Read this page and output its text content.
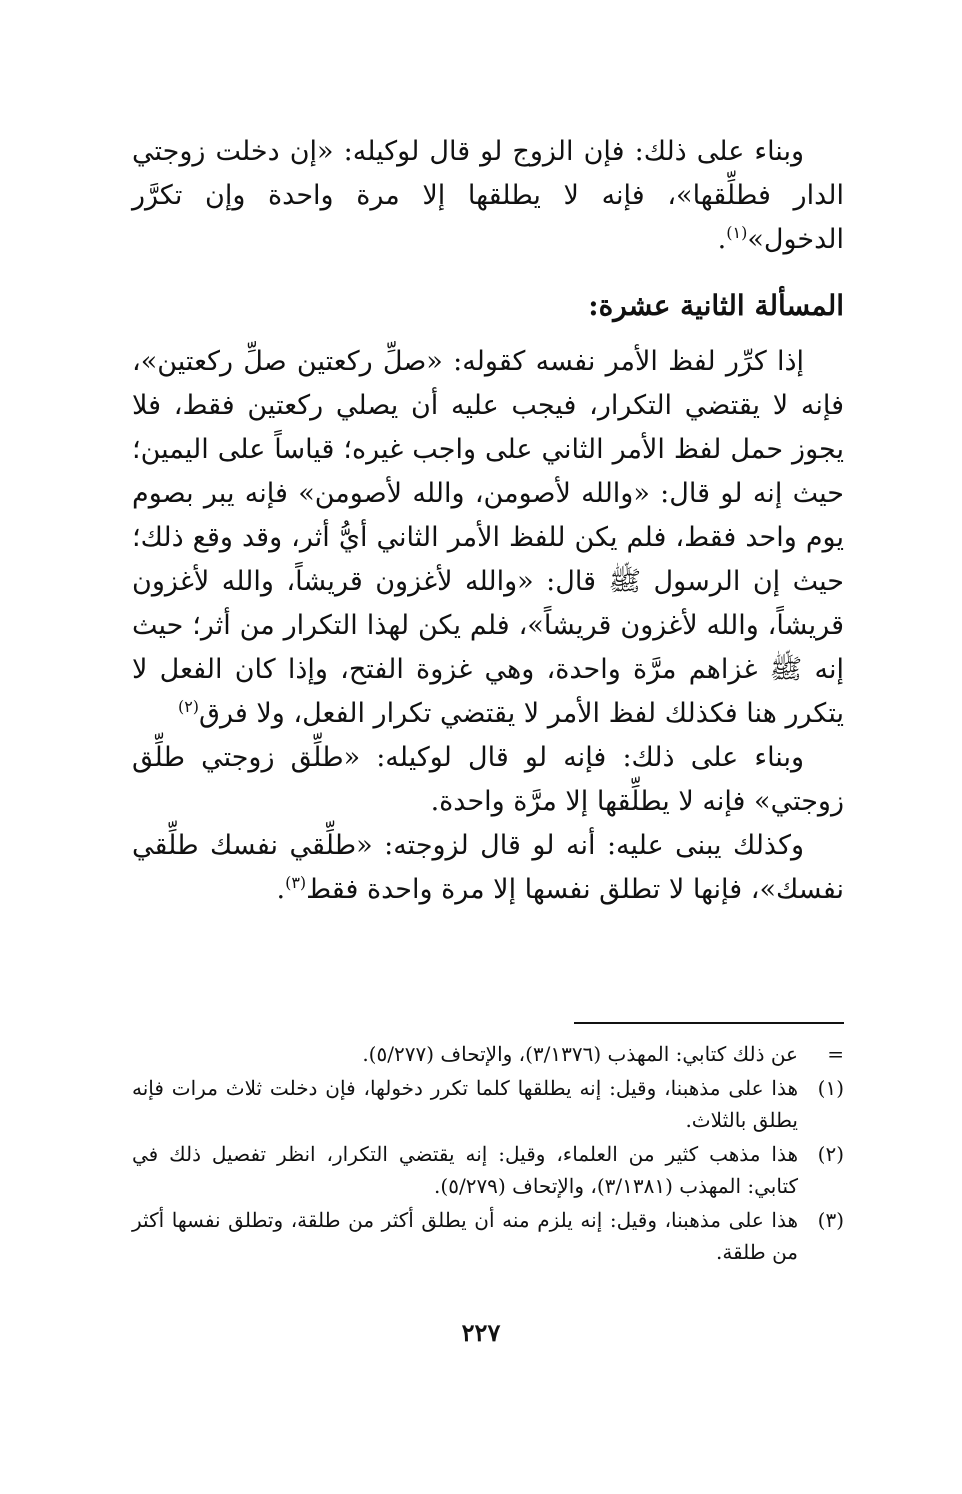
وبناء على ذلك: فإن الزوج لو قال لوكيله: «إن دخلت زوجتي الدار فطلِّقها»، فإنه لا يطلقها إلا مرة واحدة وإن تكرَّر الدخول»$^{(١)}$.

المسألة الثانية عشرة:

إذا كرِّر لفظ الأمر نفسه كقوله: «صلِّ ركعتين صلِّ ركعتين»، فإنه لا يقتضي التكرار، فيجب عليه أن يصلي ركعتين فقط، فلا يجوز حمل لفظ الأمر الثاني على واجب غيره؛ قياساً على اليمين؛ حيث إنه لو قال: «والله لأصومن، والله لأصومن» فإنه يبر بصوم يوم واحد فقط، فلم يكن للفظ الأمر الثاني أيُّ أثر، وقد وقع ذلك؛ حيث إن الرسول ﷺ قال: «والله لأغزون قريشاً، والله لأغزون قريشاً، والله لأغزون قريشاً»، فلم يكن لهذا التكرار من أثر؛ حيث إنه ﷺ غزاهم مرَّة واحدة، وهي غزوة الفتح، وإذا كان الفعل لا يتكرر هنا فكذلك لفظ الأمر لا يقتضي تكرار الفعل، ولا فرق$^{(٢)}$

وبناء على ذلك: فإنه لو قال لوكيله: «طلِّق زوجتي طلِّق زوجتي» فإنه لا يطلِّقها إلا مرَّة واحدة.

وكذلك يبنى عليه: أنه لو قال لزوجته: «طلِّقي نفسك طلِّقي نفسك»، فإنها لا تطلق نفسها إلا مرة واحدة فقط$^{(٣)}$.

=
عن ذلك كتابي: المهذب (٣/١٣٧٦)، والإتحاف (٥/٢٧٧).
(١)
هذا على مذهبنا، وقيل: إنه يطلقها كلما تكرر دخولها، فإن دخلت ثلاث مرات فإنه يطلق بالثلاث.
(٢)
هذا مذهب كثير من العلماء، وقيل: إنه يقتضي التكرار، انظر تفصيل ذلك في كتابي: المهذب (٣/١٣٨١)، والإتحاف (٥/٢٧٩).
(٣)
هذا على مذهبنا، وقيل: إنه يلزم منه أن يطلق أكثر من طلقة، وتطلق نفسها أكثر من طلقة.
٢٢٧
